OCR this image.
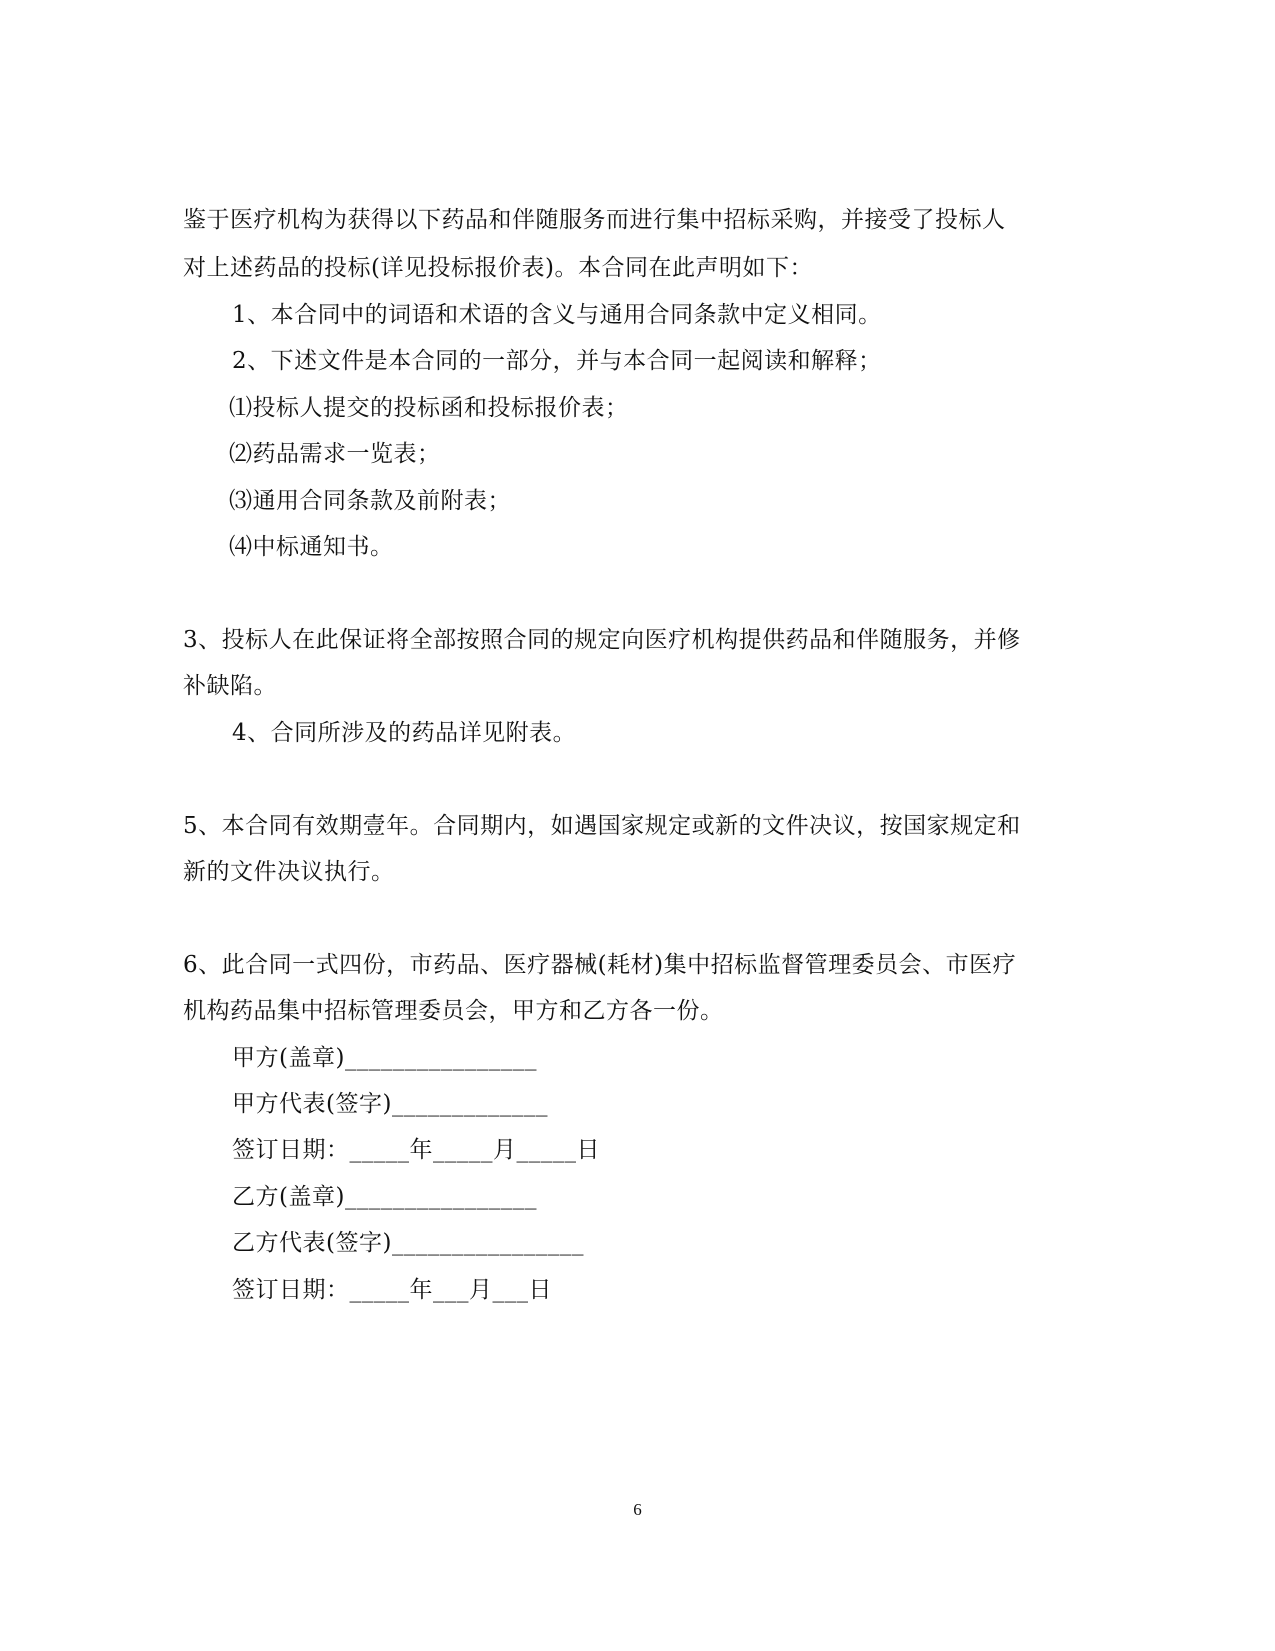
鉴于医疗机构为获得以下药品和伴随服务而进行集中招标采购，并接受了投标人
对上述药品的投标(详见投标报价表)。本合同在此声明如下：
1、本合同中的词语和术语的含义与通用合同条款中定义相同。
2、下述文件是本合同的一部分，并与本合同一起阅读和解释；
⑴投标人提交的投标函和投标报价表；
⑵药品需求一览表；
⑶通用合同条款及前附表；
⑷中标通知书。
3、投标人在此保证将全部按照合同的规定向医疗机构提供药品和伴随服务，并修
补缺陷。
4、合同所涉及的药品详见附表。
5、本合同有效期壹年。合同期内，如遇国家规定或新的文件决议，按国家规定和
新的文件决议执行。
6、此合同一式四份，市药品、医疗器械(耗材)集中招标监督管理委员会、市医疗
机构药品集中招标管理委员会，甲方和乙方各一份。
甲方(盖章)________________
甲方代表(签字)_____________
签订日期：_____年_____月_____日
乙方(盖章)________________
乙方代表(签字)________________
签订日期：_____年___月___日
6
